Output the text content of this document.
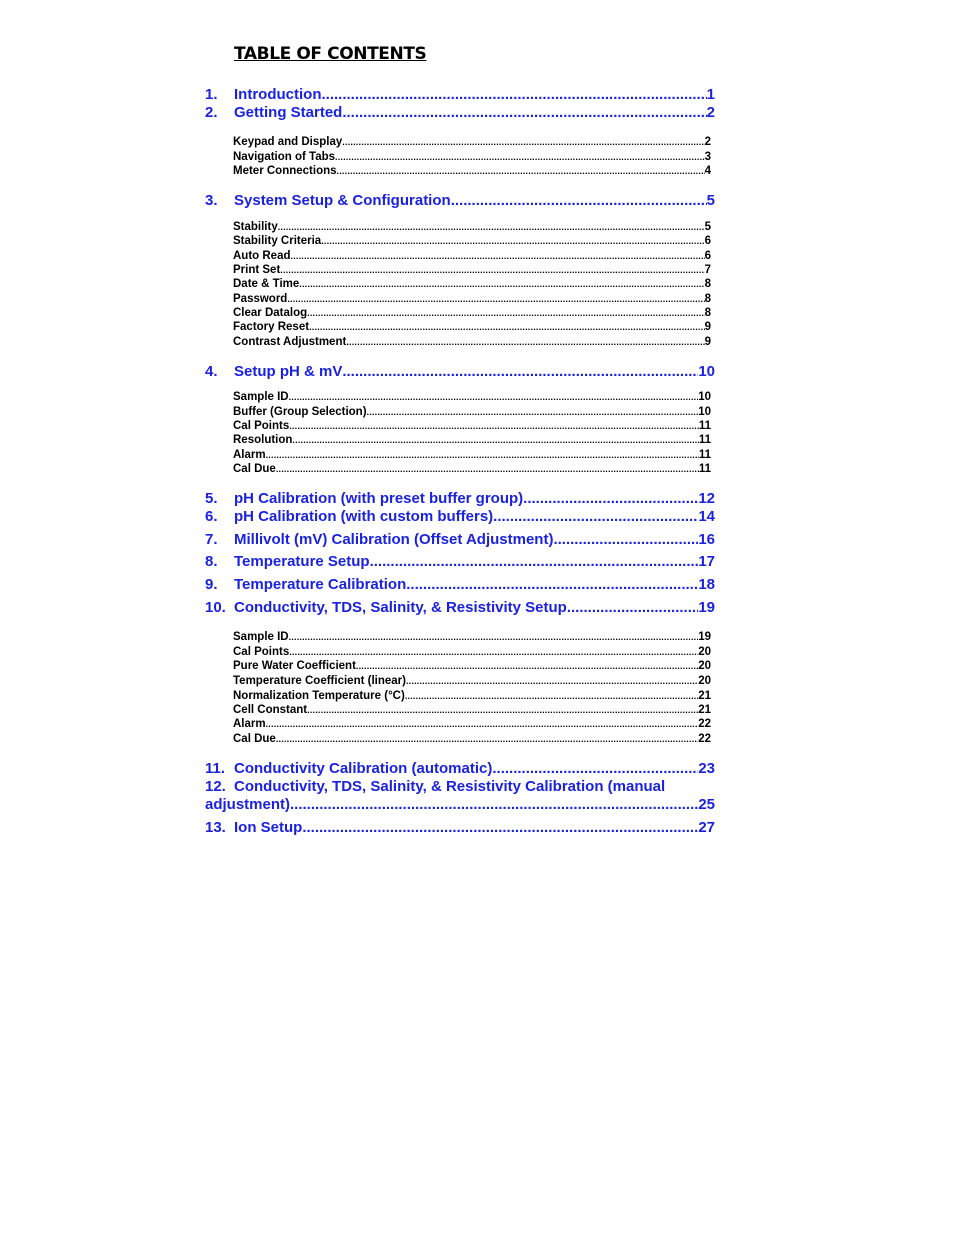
TABLE OF CONTENTS
1.	Introduction .....	1
2.	Getting Started .....	2
Keypad and Display .....	2
Navigation of Tabs .....	3
Meter Connections .....	4
3.	System Setup & Configuration .....	5
Stability .....	5
Stability Criteria .....	6
Auto Read .....	6
Print Set .....	7
Date & Time .....	8
Password .....	8
Clear Datalog .....	8
Factory Reset .....	9
Contrast Adjustment .....	9
4.	Setup pH & mV .....	10
Sample ID .....	10
Buffer (Group Selection) .....	10
Cal Points .....	11
Resolution .....	11
Alarm .....	11
Cal Due .....	11
5.	pH Calibration (with preset buffer group) .....	12
6.	pH Calibration (with custom buffers) .....	14
7.	Millivolt (mV) Calibration (Offset Adjustment) .....	16
8.	Temperature Setup .....	17
9.	Temperature Calibration .....	18
10. Conductivity, TDS, Salinity, & Resistivity Setup .....	19
Sample ID .....	19
Cal Points .....	20
Pure Water Coefficient .....	20
Temperature Coefficient (linear) .....	20
Normalization Temperature (°C) .....	21
Cell Constant .....	21
Alarm .....	22
Cal Due .....	22
11. Conductivity Calibration (automatic) .....	23
12. Conductivity, TDS, Salinity, & Resistivity Calibration (manual
adjustment) .....	25
13. Ion Setup .....	27
